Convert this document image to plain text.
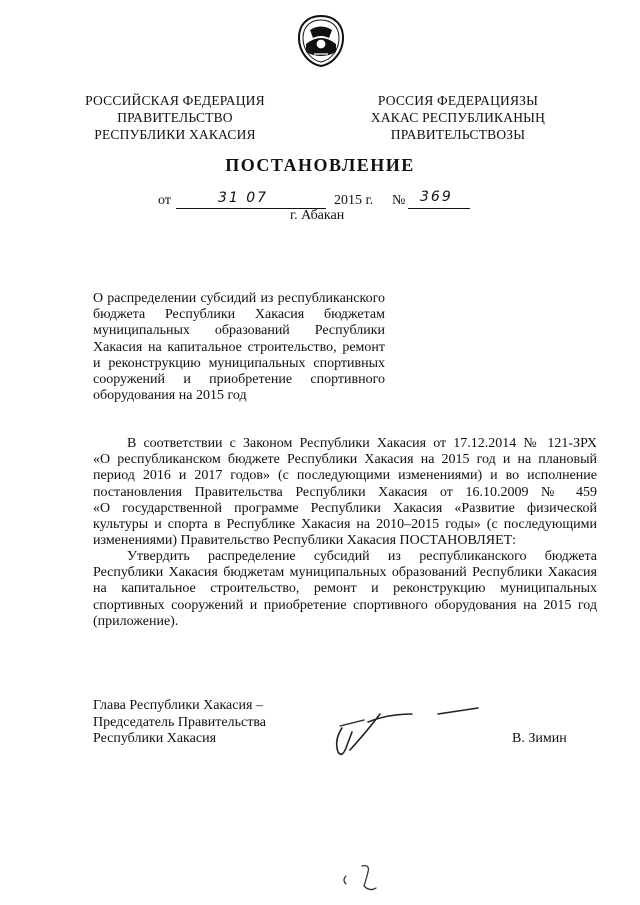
РОССИЙСКАЯ ФЕДЕРАЦИЯ
ПРАВИТЕЛЬСТВО
РЕСПУБЛИКИ ХАКАСИЯ
РОССИЯ ФЕДЕРАЦИЯЗЫ
ХАКАС РЕСПУБЛИКАНЫҢ
ПРАВИТЕЛЬСТВОЗЫ
ПОСТАНОВЛЕНИЕ
от	31 07	2015 г. № 369
г. Абакан
О распределении субсидий из республиканского
бюджета Республики Хакасия бюджетам
муниципальных образований Республики
Хакасия на капитальное строительство, ремонт
и реконструкцию муниципальных спортивных
сооружений и приобретение спортивного
оборудования на 2015 год
В соответствии с Законом Республики Хакасия от 17.12.2014 № 121-ЗРХ
«О республиканском бюджете Республики Хакасия на 2015 год и на плановый
период 2016 и 2017 годов» (с последующими изменениями) и во исполнение
постановления Правительства Республики Хакасия от 16.10.2009 № 459
«О государственной программе Республики Хакасия «Развитие физической
культуры и спорта в Республике Хакасия на 2010–2015 годы» (с последующими
изменениями) Правительство Республики Хакасия ПОСТАНОВЛЯЕТ:
Утвердить распределение субсидий из республиканского бюджета
Республики Хакасия бюджетам муниципальных образований Республики Хакасия
на капитальное строительство, ремонт и реконструкцию муниципальных
спортивных сооружений и приобретение спортивного оборудования на 2015 год
(приложение).
Глава Республики Хакасия –
Председатель Правительства
Республики Хакасия	В. Зимин
